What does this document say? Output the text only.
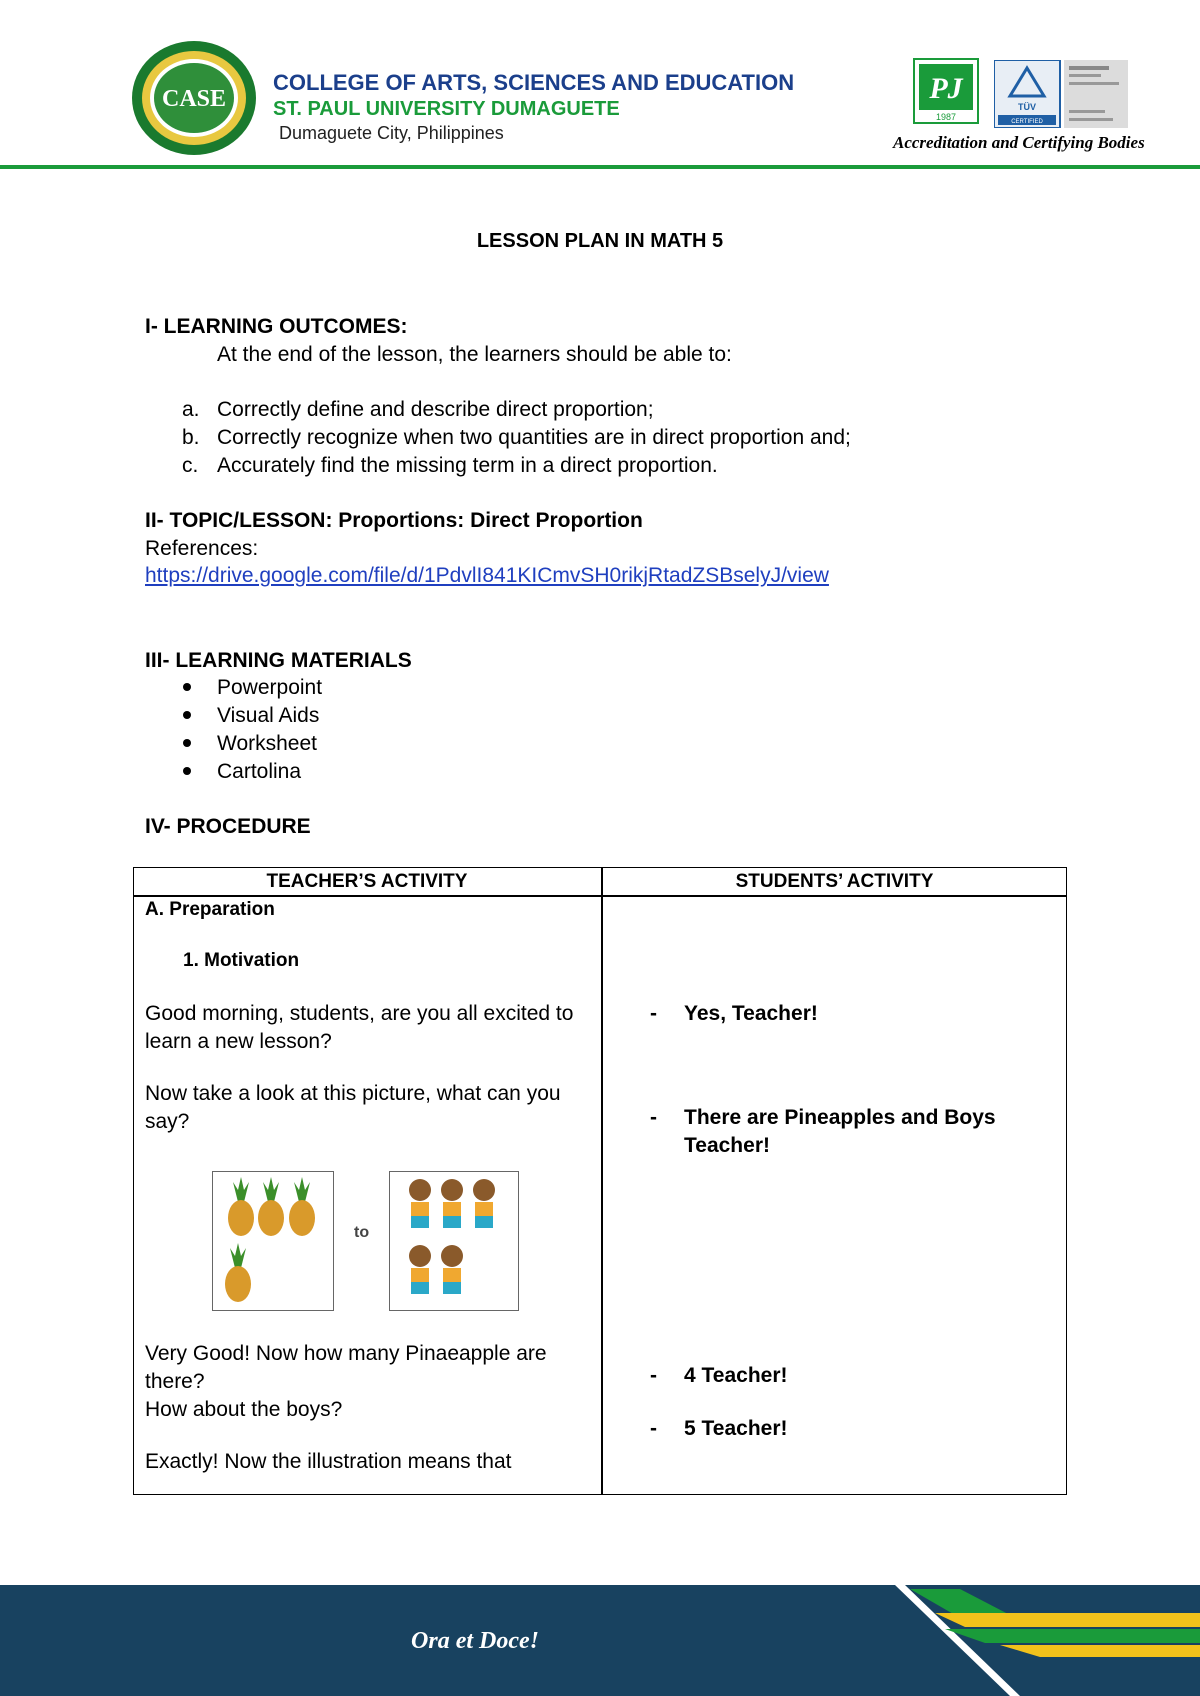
CASE
COLLEGE OF ARTS, SCIENCES AND EDUCATION
ST. PAUL UNIVERSITY DUMAGUETE
Dumaguete City, Philippines
PJ
1987
TÜV
CERTIFIED
Accreditation and Certifying Bodies
LESSON PLAN IN MATH 5
I- LEARNING OUTCOMES:
At the end of the lesson, the learners should be able to:
a. Correctly define and describe direct proportion;
b. Correctly recognize when two quantities are in direct proportion and;
c. Accurately find the missing term in a direct proportion.
II- TOPIC/LESSON: Proportions: Direct Proportion
References:
https://drive.google.com/file/d/1PdvlI841KICmvSH0rikjRtadZSBselyJ/view
III- LEARNING MATERIALS
Powerpoint
Visual Aids
Worksheet
Cartolina
IV- PROCEDURE
TEACHER’S ACTIVITY	STUDENTS’ ACTIVITY
A. Preparation
1. Motivation
Good morning, students, are you all excited to learn a new lesson?
Now take a look at this picture, what can you say?
to
Very Good! Now how many Pinaeapple are there?
How about the boys?
Exactly! Now the illustration means that
- Yes, Teacher!
- There are Pineapples and Boys Teacher!
- 4 Teacher!
- 5 Teacher!
Ora et Doce!
